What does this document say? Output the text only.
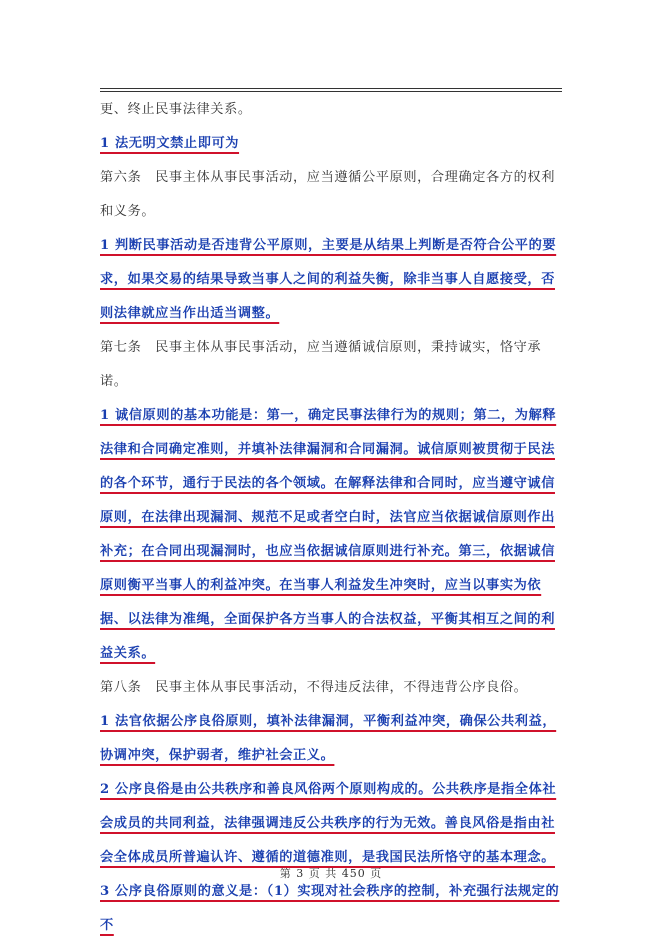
更、终止民事法律关系。

1 法无明文禁止即可为

第六条　民事主体从事民事活动，应当遵循公平原则，合理确定各方的权利和义务。

1 判断民事活动是否违背公平原则，主要是从结果上判断是否符合公平的要求，如果交易的结果导致当事人之间的利益失衡，除非当事人自愿接受，否则法律就应当作出适当调整。

第七条　民事主体从事民事活动，应当遵循诚信原则，秉持诚实，恪守承诺。

1 诚信原则的基本功能是：第一，确定民事法律行为的规则；第二，为解释法律和合同确定准则，并填补法律漏洞和合同漏洞。诚信原则被贯彻于民法的各个环节，通行于民法的各个领域。在解释法律和合同时，应当遵守诚信原则，在法律出现漏洞、规范不足或者空白时，法官应当依据诚信原则作出补充；在合同出现漏洞时，也应当依据诚信原则进行补充。第三，依据诚信原则衡平当事人的利益冲突。在当事人利益发生冲突时，应当以事实为依据、以法律为准绳，全面保护各方当事人的合法权益，平衡其相互之间的利益关系。

第八条　民事主体从事民事活动，不得违反法律，不得违背公序良俗。

1 法官依据公序良俗原则，填补法律漏洞，平衡利益冲突，确保公共利益，协调冲突，保护弱者，维护社会正义。

2 公序良俗是由公共秩序和善良风俗两个原则构成的。公共秩序是指全体社会成员的共同利益，法律强调违反公共秩序的行为无效。善良风俗是指由社会全体成员所普遍认许、遵循的道德准则，是我国民法所恪守的基本理念。

3 公序良俗原则的意义是：（1）实现对社会秩序的控制，补充强行法规定的不

第 3 页 共 450 页
